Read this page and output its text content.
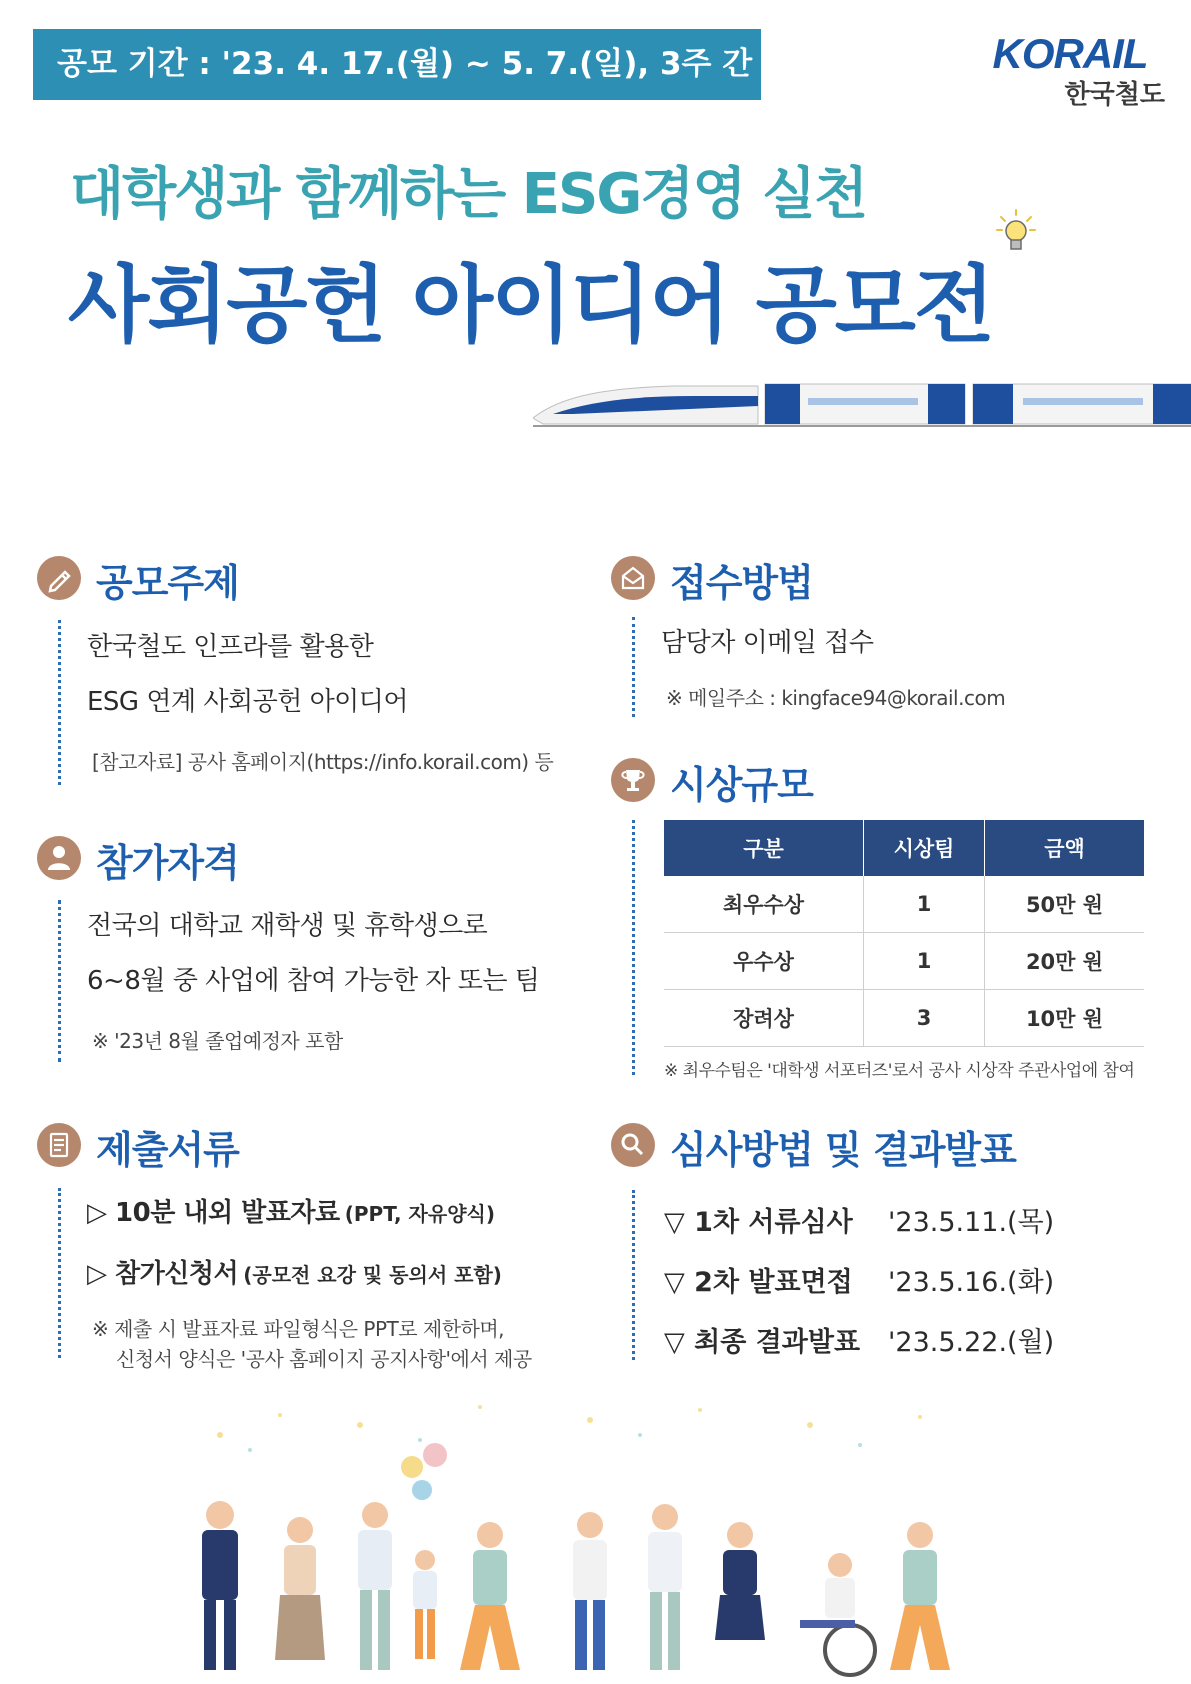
공모 기간 : '23. 4. 17.(월) ~ 5. 7.(일), 3주 간	KORAIL
한국철도
대학생과 함께하는 ESG경영 실천
사회공헌 아이디어 공모전
공모주제
한국철도 인프라를 활용한
ESG 연계 사회공헌 아이디어
[참고자료] 공사 홈페이지(https://info.korail.com) 등
참가자격
전국의 대학교 재학생 및 휴학생으로
6~8월 중 사업에 참여 가능한 자 또는 팀
※ '23년 8월 졸업예정자 포함
제출서류
▷ 10분 내외 발표자료 (PPT, 자유양식)
▷ 참가신청서 (공모전 요강 및 동의서 포함)
※ 제출 시 발표자료 파일형식은 PPT로 제한하며,
신청서 양식은 '공사 홈페이지 공지사항'에서 제공
접수방법
담당자 이메일 접수
※ 메일주소 : kingface94@korail.com
시상규모
구분	시상팀	금액
최우수상	1	50만 원
우수상	1	20만 원
장려상	3	10만 원
※ 최우수팀은 '대학생 서포터즈'로서 공사 시상작 주관사업에 참여
심사방법 및 결과발표
▽ 1차 서류심사 '23.5.11.(목)
▽ 2차 발표면접 '23.5.16.(화)
▽ 최종 결과발표 '23.5.22.(월)
